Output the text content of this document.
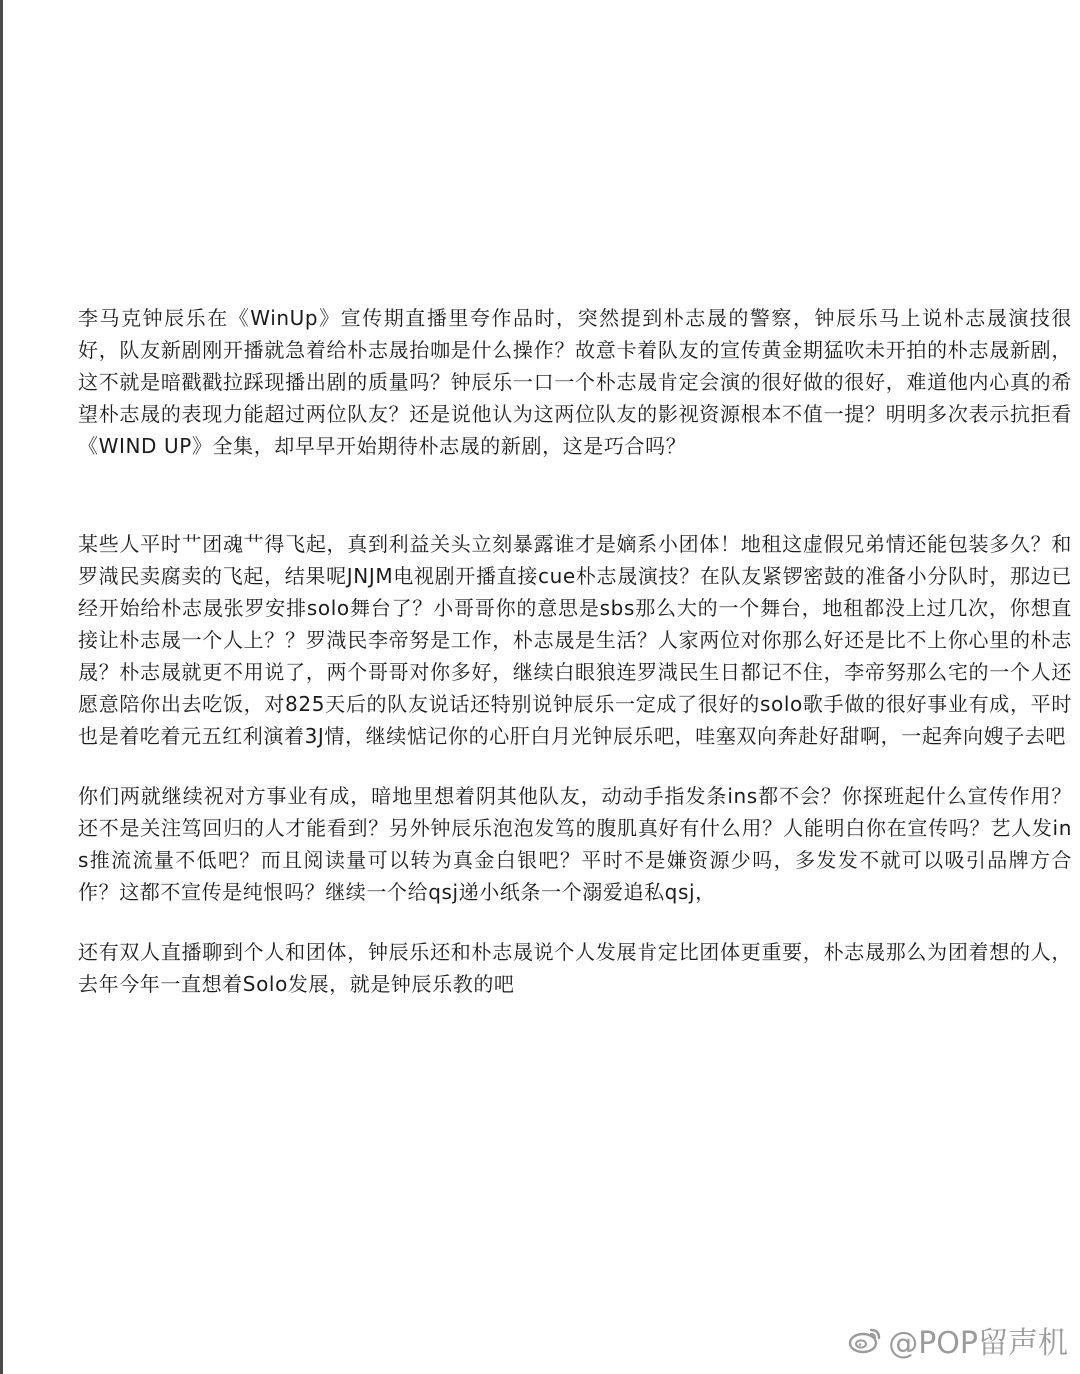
李马克钟辰乐在《WinUp》宣传期直播里夸作品时，突然提到朴志晟的警察，钟辰乐马上说朴志晟演技很好，队友新剧刚开播就急着给朴志晟抬咖是什么操作？故意卡着队友的宣传黄金期猛吹未开拍的朴志晟新剧，这不就是暗戳戳拉踩现播出剧的质量吗？钟辰乐一口一个朴志晟肯定会演的很好做的很好，难道他内心真的希望朴志晟的表现力能超过两位队友？还是说他认为这两位队友的影视资源根本不值一提？明明多次表示抗拒看《WIND UP》全集，却早早开始期待朴志晟的新剧，这是巧合吗？

某些人平时艹团魂艹得飞起，真到利益关头立刻暴露谁才是嫡系小团体！地租这虚假兄弟情还能包装多久？和罗渽民卖腐卖的飞起，结果呢JNJM电视剧开播直接cue朴志晟演技？在队友紧锣密鼓的准备小分队时，那边已经开始给朴志晟张罗安排solo舞台了？小哥哥你的意思是sbs那么大的一个舞台，地租都没上过几次，你想直接让朴志晟一个人上？？罗渽民李帝努是工作，朴志晟是生活？人家两位对你那么好还是比不上你心里的朴志晟？朴志晟就更不用说了，两个哥哥对你多好，继续白眼狼连罗渽民生日都记不住，李帝努那么宅的一个人还愿意陪你出去吃饭，对825天后的队友说话还特别说钟辰乐一定成了很好的solo歌手做的很好事业有成，平时也是着吃着元五红利演着3J情，继续惦记你的心肝白月光钟辰乐吧，哇塞双向奔赴好甜啊，一起奔向嫂子去吧

你们两就继续祝对方事业有成，暗地里想着阴其他队友，动动手指发条ins都不会？你探班起什么宣传作用？还不是关注笃回归的人才能看到？另外钟辰乐泡泡发笃的腹肌真好有什么用？人能明白你在宣传吗？艺人发ins推流流量不低吧？而且阅读量可以转为真金白银吧？平时不是嫌资源少吗，多发发不就可以吸引品牌方合作？这都不宣传是纯恨吗？继续一个给qsj递小纸条一个溺爱追私qsj，

还有双人直播聊到个人和团体，钟辰乐还和朴志晟说个人发展肯定比团体更重要，朴志晟那么为团着想的人，去年今年一直想着Solo发展，就是钟辰乐教的吧

@POP留声机
